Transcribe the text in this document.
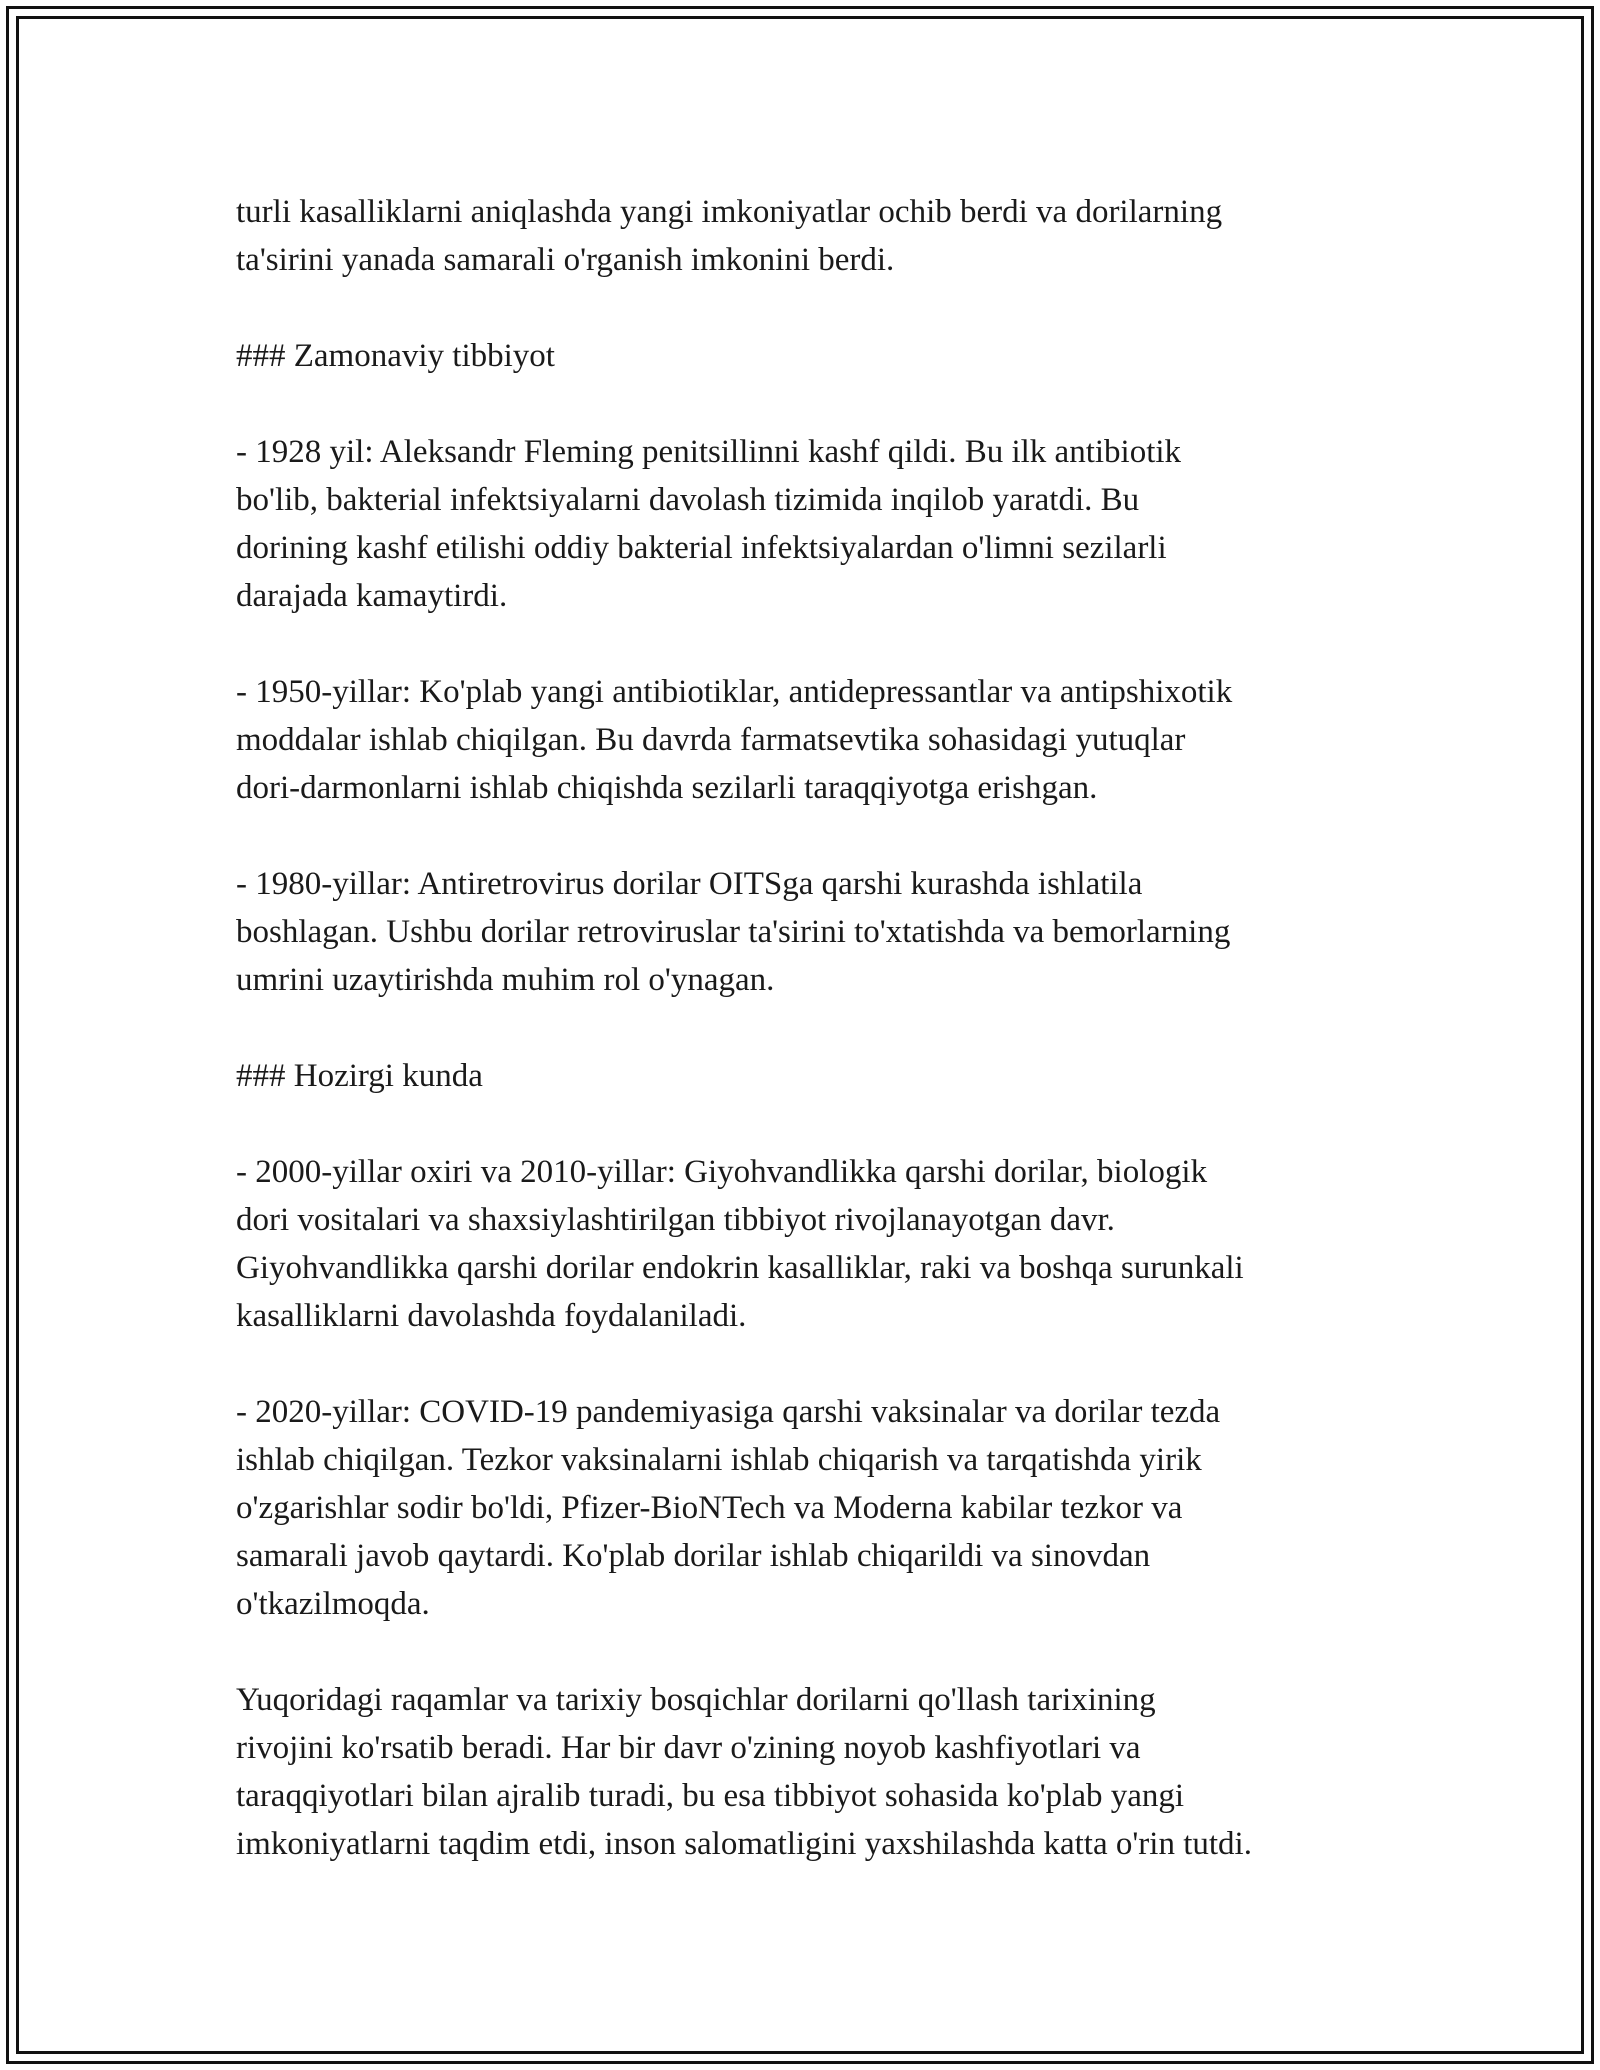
turli kasalliklarni aniqlashda yangi imkoniyatlar ochib berdi va dorilarning
ta'sirini yanada samarali o'rganish imkonini berdi.

### Zamonaviy tibbiyot

- 1928 yil: Aleksandr Fleming penitsillinni kashf qildi. Bu ilk antibiotik
bo'lib, bakterial infektsiyalarni davolash tizimida inqilob yaratdi. Bu
dorining kashf etilishi oddiy bakterial infektsiyalardan o'limni sezilarli
darajada kamaytirdi.

- 1950-yillar: Ko'plab yangi antibiotiklar, antidepressantlar va antipshixotik
moddalar ishlab chiqilgan. Bu davrda farmatsevtika sohasidagi yutuqlar
dori-darmonlarni ishlab chiqishda sezilarli taraqqiyotga erishgan.

- 1980-yillar: Antiretrovirus dorilar OITSga qarshi kurashda ishlatila
boshlagan. Ushbu dorilar retroviruslar ta'sirini to'xtatishda va bemorlarning
umrini uzaytirishda muhim rol o'ynagan.

### Hozirgi kunda

- 2000-yillar oxiri va 2010-yillar: Giyohvandlikka qarshi dorilar, biologik
dori vositalari va shaxsiylashtirilgan tibbiyot rivojlanayotgan davr.
Giyohvandlikka qarshi dorilar endokrin kasalliklar, raki va boshqa surunkali
kasalliklarni davolashda foydalaniladi.

- 2020-yillar: COVID-19 pandemiyasiga qarshi vaksinalar va dorilar tezda
ishlab chiqilgan. Tezkor vaksinalarni ishlab chiqarish va tarqatishda yirik
o'zgarishlar sodir bo'ldi, Pfizer-BioNTech va Moderna kabilar tezkor va
samarali javob qaytardi. Ko'plab dorilar ishlab chiqarildi va sinovdan
o'tkazilmoqda.

Yuqoridagi raqamlar va tarixiy bosqichlar dorilarni qo'llash tarixining
rivojini ko'rsatib beradi. Har bir davr o'zining noyob kashfiyotlari va
taraqqiyotlari bilan ajralib turadi, bu esa tibbiyot sohasida ko'plab yangi
imkoniyatlarni taqdim etdi, inson salomatligini yaxshilashda katta o'rin tutdi.
